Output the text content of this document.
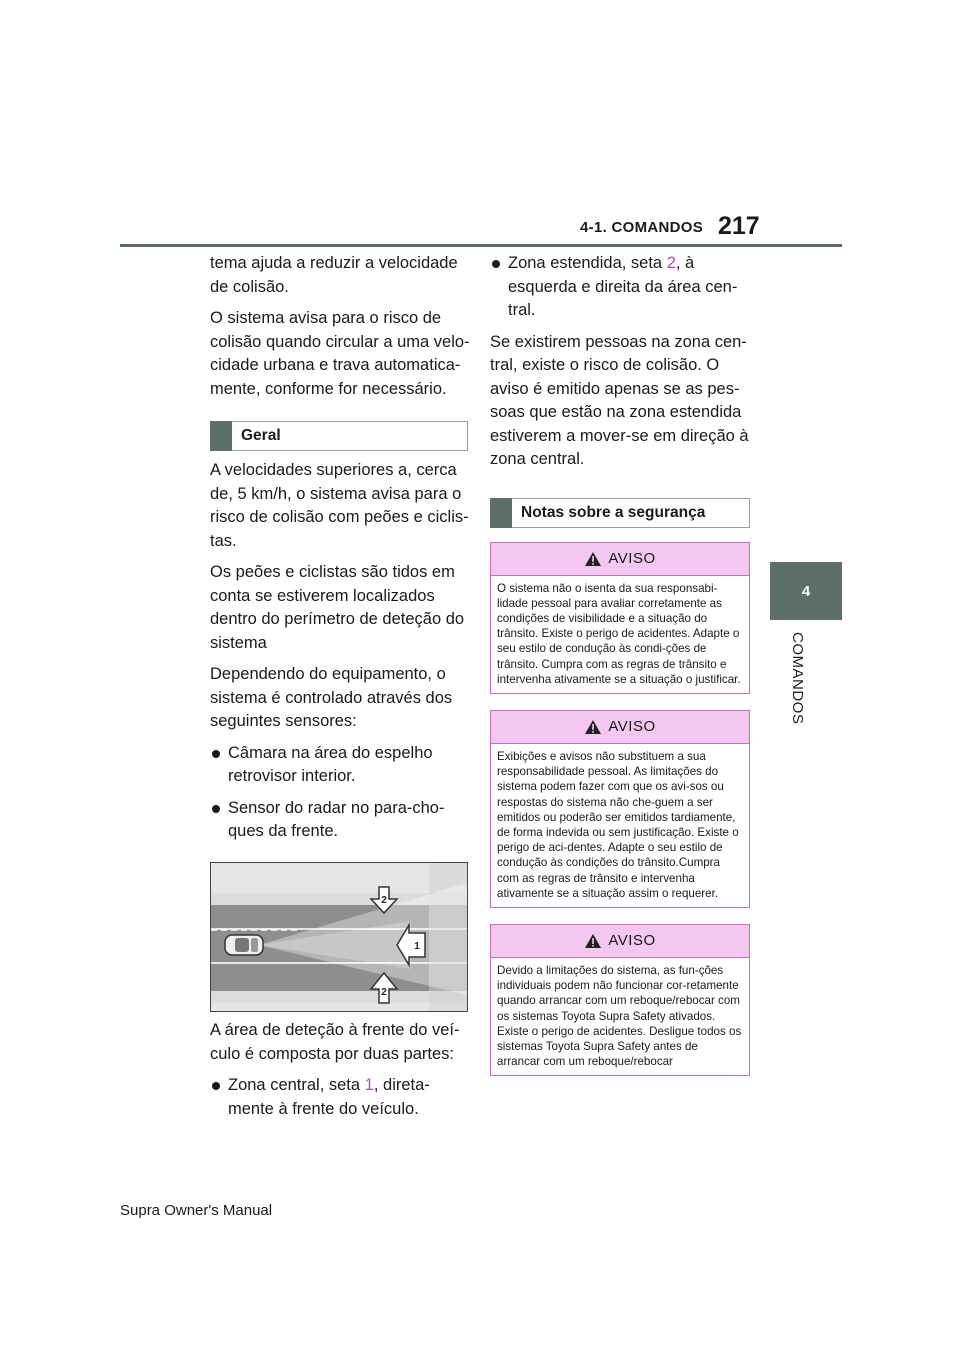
4-1. COMANDOS 217
4
COMANDOS

tema ajuda a reduzir a velocidade de colisão.

O sistema avisa para o risco de colisão quando circular a uma velo-cidade urbana e trava automatica-mente, conforme for necessário.

Geral

A velocidades superiores a, cerca de, 5 km/h, o sistema avisa para o risco de colisão com peões e ciclis-tas.

Os peões e ciclistas são tidos em conta se estiverem localizados dentro do perímetro de deteção do sistema

Dependendo do equipamento, o sistema é controlado através dos seguintes sensores:

Câmara na área do espelho retrovisor interior.
Sensor do radar no para-cho-ques da frente.
2
1
2

A área de deteção à frente do veí-culo é composta por duas partes:

Zona central, seta 1, direta-mente à frente do veículo.
Zona estendida, seta 2, à esquerda e direita da área cen-tral.

Se existirem pessoas na zona cen-tral, existe o risco de colisão. O aviso é emitido apenas se as pes-soas que estão na zona estendida estiverem a mover-se em direção à zona central.

Notas sobre a segurança
AVISO
O sistema não o isenta da sua responsabi-lidade pessoal para avaliar corretamente as condições de visibilidade e a situação do trânsito. Existe o perigo de acidentes. Adapte o seu estilo de condução às condi-ções de trânsito. Cumpra com as regras de trânsito e intervenha ativamente se a situação o justificar.
AVISO
Exibições e avisos não substituem a sua responsabilidade pessoal. As limitações do sistema podem fazer com que os avi-sos ou respostas do sistema não che-guem a ser emitidos ou poderão ser emitidos tardiamente, de forma indevida ou sem justificação. Existe o perigo de aci-dentes. Adapte o seu estilo de condução às condições do trânsito.Cumpra com as regras de trânsito e intervenha ativamente se a situação assim o requerer.
AVISO
Devido a limitações do sistema, as fun-ções individuais podem não funcionar cor-retamente quando arrancar com um reboque/rebocar com os sistemas Toyota Supra Safety ativados. Existe o perigo de acidentes. Desligue todos os sistemas Toyota Supra Safety antes de arrancar com um reboque/rebocar
Supra Owner's Manual
